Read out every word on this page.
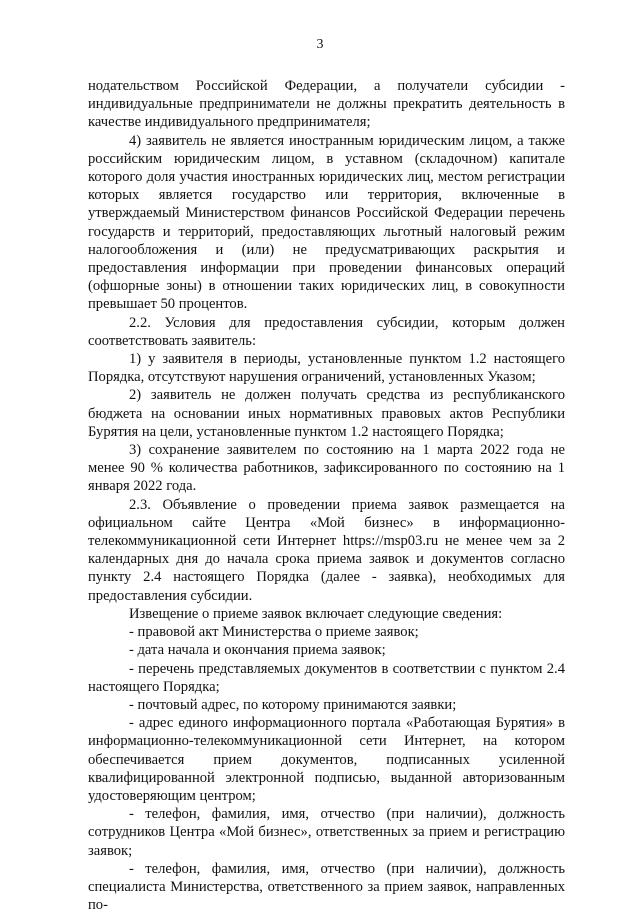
3

нодательством Российской Федерации, а получатели субсидии - индивидуальные предприниматели не должны прекратить деятельность в качестве индивидуального предпринимателя;

4) заявитель не является иностранным юридическим лицом, а также российским юридическим лицом, в уставном (складочном) капитале которого доля участия иностранных юридических лиц, местом регистрации которых является государство или территория, включенные в утверждаемый Министерством финансов Российской Федерации перечень государств и территорий, предоставляющих льготный налоговый режим налогообложения и (или) не предусматривающих раскрытия и предоставления информации при проведении финансовых операций (офшорные зоны) в отношении таких юридических лиц, в совокупности превышает 50 процентов.

2.2. Условия для предоставления субсидии, которым должен соответствовать заявитель:

1) у заявителя в периоды, установленные пунктом 1.2 настоящего Порядка, отсутствуют нарушения ограничений, установленных Указом;

2) заявитель не должен получать средства из республиканского бюджета на основании иных нормативных правовых актов Республики Бурятия на цели, установленные пунктом 1.2 настоящего Порядка;

3) сохранение заявителем по состоянию на 1 марта 2022 года не менее 90 % количества работников, зафиксированного по состоянию на 1 января 2022 года.

2.3. Объявление о проведении приема заявок размещается на официальном сайте Центра «Мой бизнес» в информационно-телекоммуникационной сети Интернет https://msp03.ru не менее чем за 2 календарных дня до начала срока приема заявок и документов согласно пункту 2.4 настоящего Порядка (далее - заявка), необходимых для предоставления субсидии.

Извещение о приеме заявок включает следующие сведения:

- правовой акт Министерства о приеме заявок;

- дата начала и окончания приема заявок;

- перечень представляемых документов в соответствии с пунктом 2.4 настоящего Порядка;

- почтовый адрес, по которому принимаются заявки;

- адрес единого информационного портала «Работающая Бурятия» в информационно-телекоммуникационной сети Интернет, на котором обеспечивается прием документов, подписанных усиленной квалифицированной электронной подписью, выданной авторизованным удостоверяющим центром;

- телефон, фамилия, имя, отчество (при наличии), должность сотрудников Центра «Мой бизнес», ответственных за прием и регистрацию заявок;

- телефон, фамилия, имя, отчество (при наличии), должность специалиста Министерства, ответственного за прием заявок, направленных по-
